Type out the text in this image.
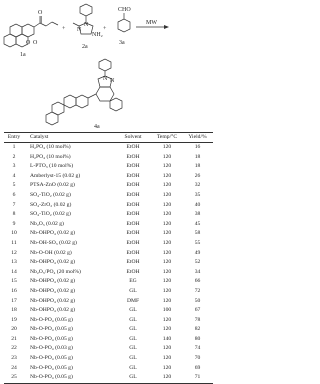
O
O O
1a
+
N
N
NH₂
2a
+
CHO
3a
MW
N N
4a
Entry	Catalyst	Solvent	Temp/°C	Yield/%
1	H₂PO₄ (10 mol%)	EtOH	120	16
2	H₂PO₄ (10 mol%)	EtOH	120	18
3	L-PTO₃ (10 mol%)	EtOH	120	18
4	Amberlyst-15 (0.02 g)	EtOH	120	26
5	PTSA-ZnO (0.02 g)	EtOH	120	32
6	SO₄-TiO₂ (0.02 g)	EtOH	120	35
7	SO₄-ZrO₂ (0.02 g)	EtOH	120	40
8	SO₄-TiO₂ (0.02 g)	EtOH	120	38
9	Nb₂O₅ (0.02 g)	EtOH	120	45
10	Nb-OHPO₄ (0.02 g)	EtOH	120	58
11	Nb-OH-SO₃ (0.02 g)	EtOH	120	55
12	Nb-O-OH (0.02 g)	EtOH	120	49
13	Nb-OHPO₄ (0.02 g)	EtOH	120	52
14	Nb₂O₅/PO₄ (20 mol%)	EtOH	120	34
15	Nb-OHPO₄ (0.02 g)	EG	120	66
16	Nb-OHPO₄ (0.02 g)	GL	120	72
17	Nb-OHPO₄ (0.02 g)	DMF	120	50
18	Nb-OHPO₄ (0.02 g)	GL	100	67
19	Nb-O-PO₄ (0.05 g)	GL	120	78
20	Nb-O-PO₄ (0.05 g)	GL	120	82
21	Nb-O-PO₄ (0.05 g)	GL	140	80
22	Nb-O-PO₄ (0.03 g)	GL	120	74
23	Nb-O-PO₄ (0.05 g)	GL	120	70
24	Nb-O-PO₄ (0.05 g)	GL	120	69
25	Nb-O-PO₄ (0.05 g)	GL	120	71
